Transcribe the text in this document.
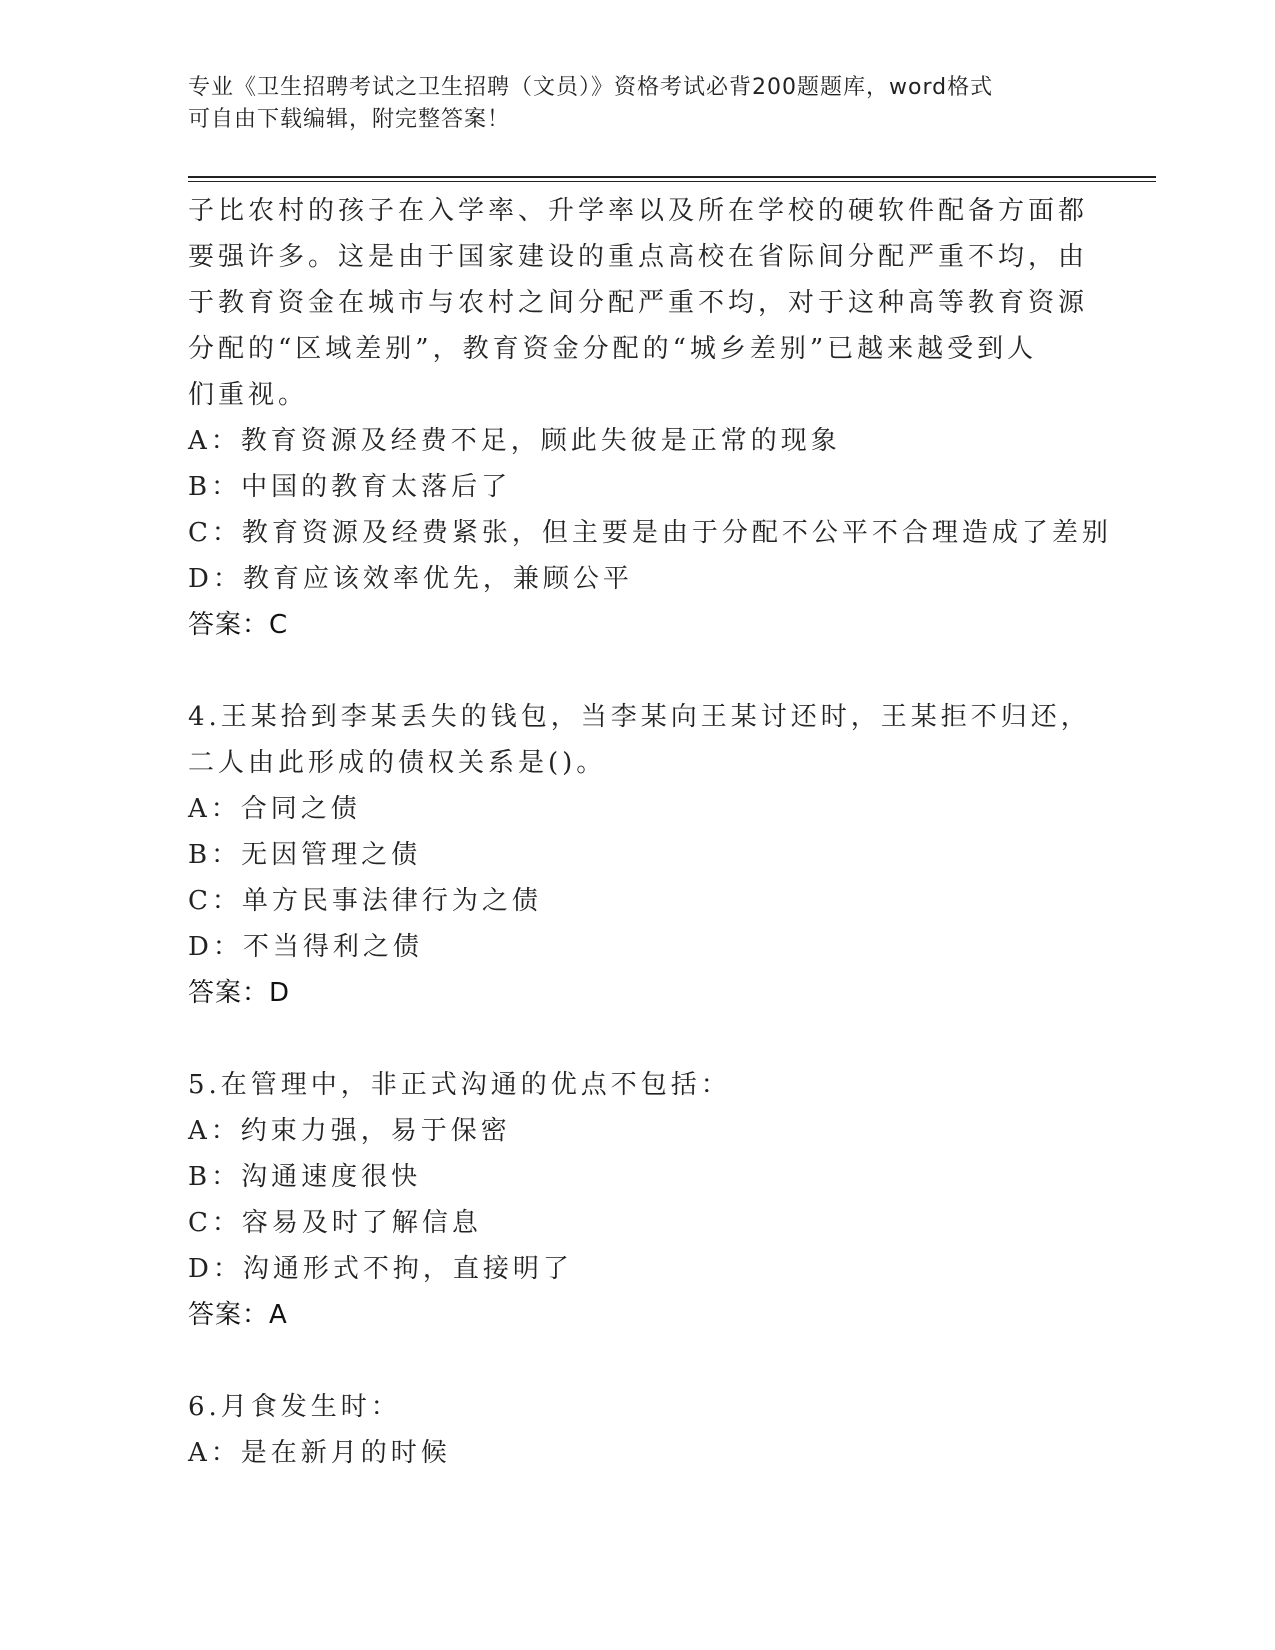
专业《卫生招聘考试之卫生招聘（文员）》资格考试必背200题题库，word格式
可自由下载编辑，附完整答案！
子比农村的孩子在入学率、升学率以及所在学校的硬软件配备方面都
要强许多。这是由于国家建设的重点高校在省际间分配严重不均，由
于教育资金在城市与农村之间分配严重不均，对于这种高等教育资源
分配的“区域差别”，教育资金分配的“城乡差别”已越来越受到人
们重视。
A：教育资源及经费不足，顾此失彼是正常的现象
B：中国的教育太落后了
C：教育资源及经费紧张，但主要是由于分配不公平不合理造成了差别
D：教育应该效率优先，兼顾公平
答案：C
4.王某拾到李某丢失的钱包，当李某向王某讨还时，王某拒不归还，
二人由此形成的债权关系是()。
A：合同之债
B：无因管理之债
C：单方民事法律行为之债
D：不当得利之债
答案：D
5.在管理中，非正式沟通的优点不包括：
A：约束力强，易于保密
B：沟通速度很快
C：容易及时了解信息
D：沟通形式不拘，直接明了
答案：A
6.月食发生时：
A：是在新月的时候
